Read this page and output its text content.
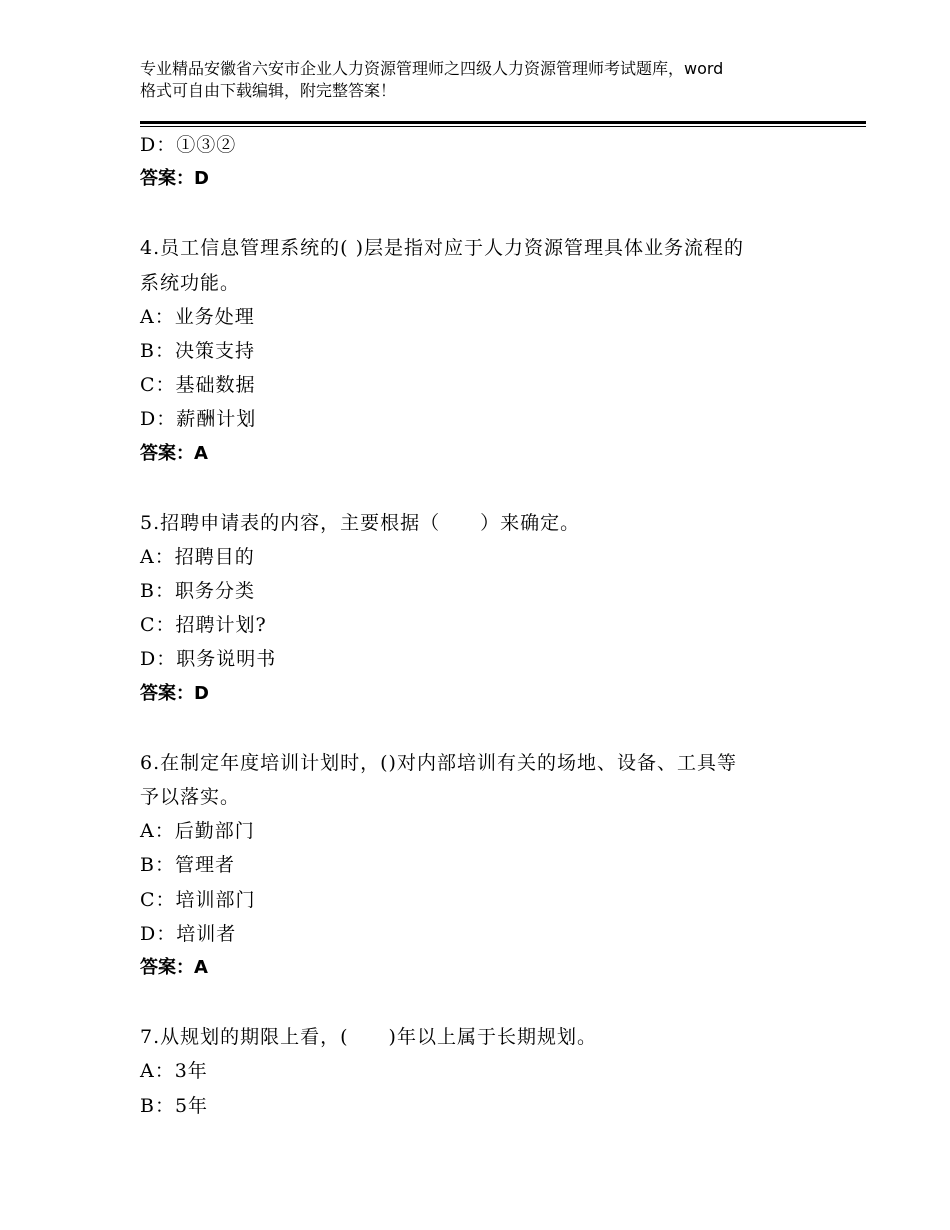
专业精品安徽省六安市企业人力资源管理师之四级人力资源管理师考试题库，word
格式可自由下载编辑，附完整答案！
D：①③②
答案：D
4.员工信息管理系统的( )层是指对应于人力资源管理具体业务流程的
系统功能。
A：业务处理
B：决策支持
C：基础数据
D：薪酬计划
答案：A
5.招聘申请表的内容，主要根据（　　）来确定。
A：招聘目的
B：职务分类
C：招聘计划?
D：职务说明书
答案：D
6.在制定年度培训计划时，()对内部培训有关的场地、设备、工具等
予以落实。
A：后勤部门
B：管理者
C：培训部门
D：培训者
答案：A
7.从规划的期限上看，(　　)年以上属于长期规划。
A：3年
B：5年
